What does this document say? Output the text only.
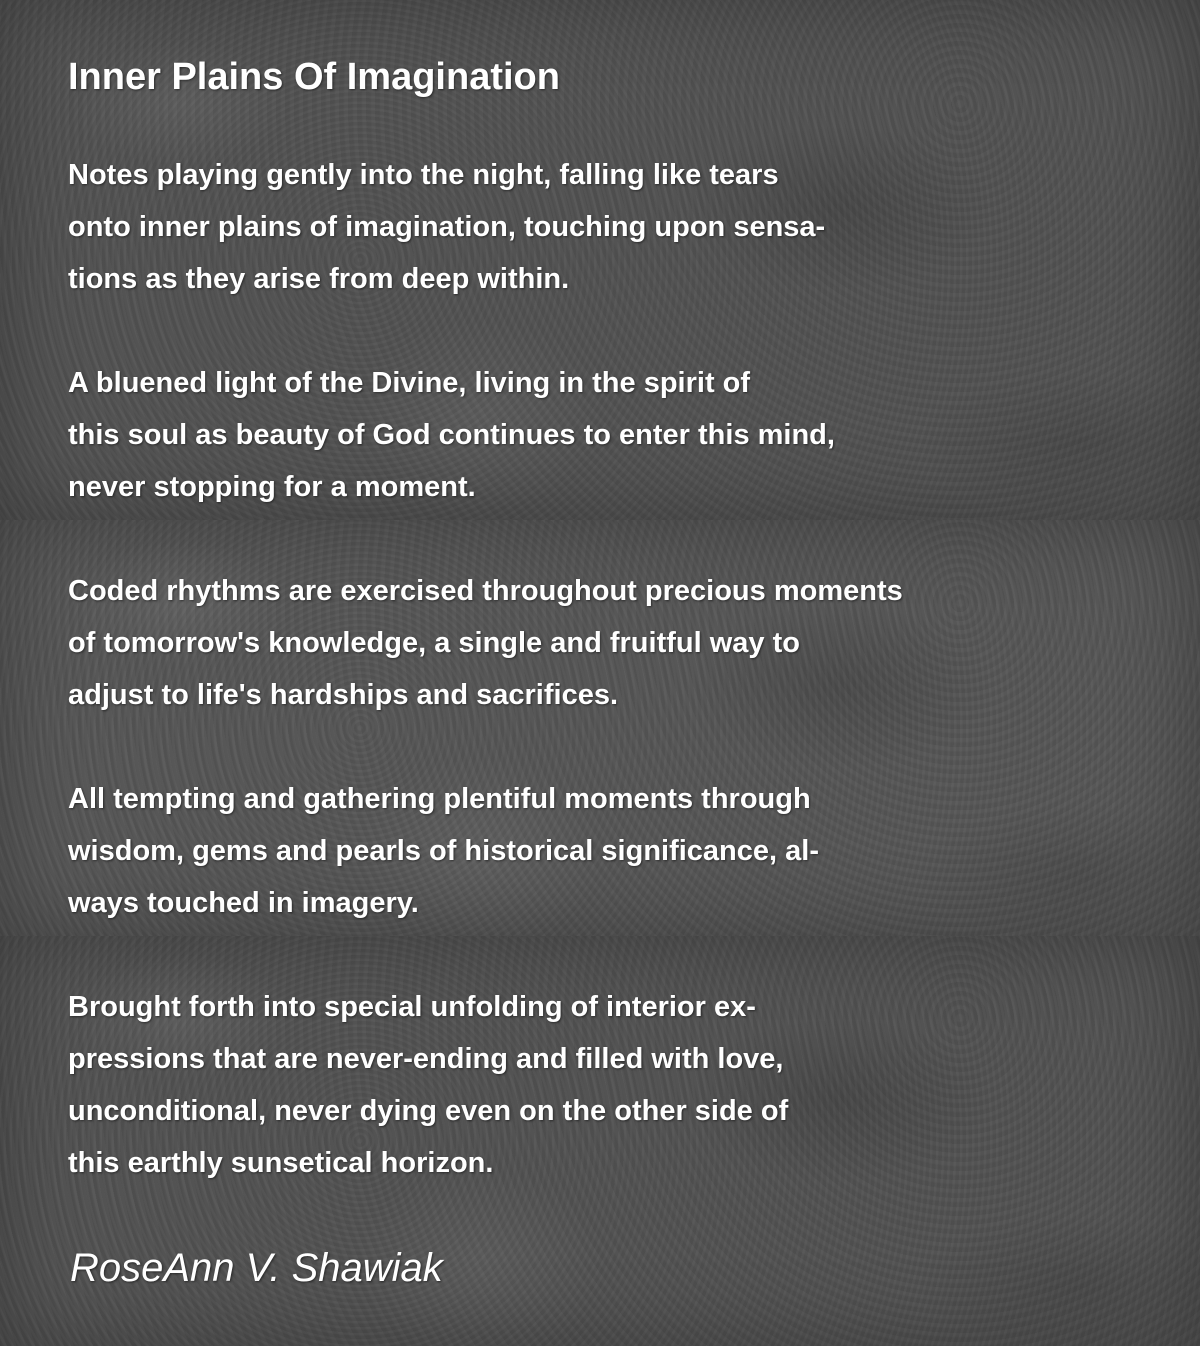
Inner Plains Of Imagination

Notes playing gently into the night, falling like tears
onto inner plains of imagination, touching upon sensa-
tions as they arise from deep within.

A bluened light of the Divine, living in the spirit of
this soul as beauty of God continues to enter this mind,
never stopping for a moment.

Coded rhythms are exercised throughout precious moments
of tomorrow's knowledge, a single and fruitful way to
adjust to life's hardships and sacrifices.

All tempting and gathering plentiful moments through
wisdom, gems and pearls of historical significance, al-
ways touched in imagery.

Brought forth into special unfolding of interior ex-
pressions that are never-ending and filled with love,
unconditional, never dying even on the other side of
this earthly sunsetical horizon.

RoseAnn V. Shawiak
